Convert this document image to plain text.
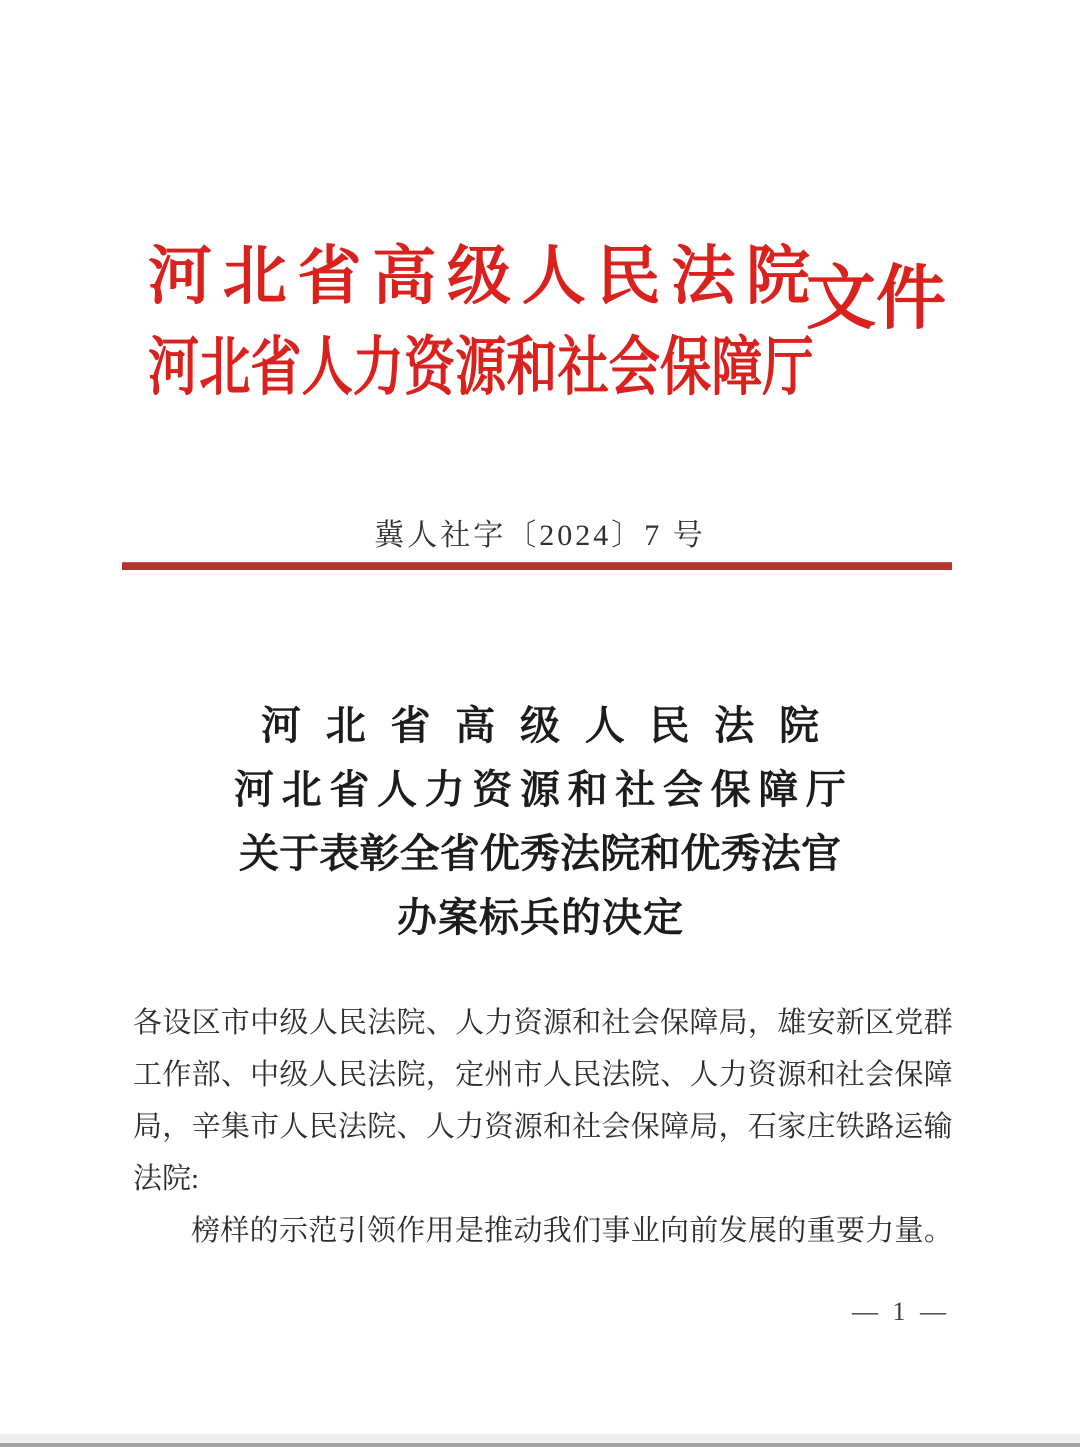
河 北 省 高 级 人 民 法 院
河北省人力资源和社会保障厅
文件
冀人社字〔2024〕7 号
河 北 省 高 级 人 民 法 院
河 北 省 人 力 资 源 和 社 会 保 障 厅
关 于 表 彰 全 省 优 秀 法 院 和 优 秀 法 官
办 案 标 兵 的 决 定
各 设 区 市 中 级 人 民 法 院 、 人 力 资 源 和 社 会 保 障 局 ， 雄 安 新 区 党 群
工 作 部 、 中 级 人 民 法 院 ， 定 州 市 人 民 法 院 、 人 力 资 源 和 社 会 保 障
局 ， 辛 集 市 人 民 法 院 、 人 力 资 源 和 社 会 保 障 局 ， 石 家 庄 铁 路 运 输
法院:
榜 样 的 示 范 引 领 作 用 是 推 动 我 们 事 业 向 前 发 展 的 重 要 力 量 。
— 1 —
